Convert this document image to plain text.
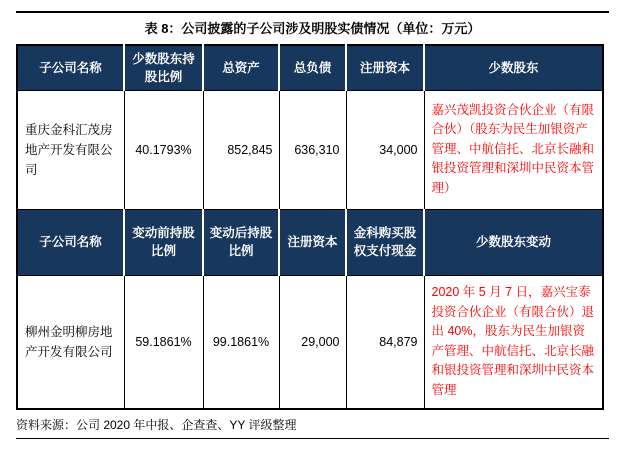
表 8：公司披露的子公司涉及明股实债情况（单位：万元）
子公司名称	少数股东持股比例	总资产	总负债	注册资本	少数股东
重庆金科汇茂房地产开发有限公司	40.1793%	852,845	636,310	34,000	嘉兴茂凯投资合伙企业（有限合伙）（股东为民生加银资产管理、中航信托、北京长融和银投资管理和深圳中民资本管理）
子公司名称	变动前持股比例	变动后持股比例	注册资本	金科购买股权支付现金	少数股东变动
柳州金明柳房地产开发有限公司	59.1861%	99.1861%	29,000	84,879	2020 年 5 月 7 日，嘉兴宝泰投资合伙企业（有限合伙）退出 40%，股东为民生加银资产管理、中航信托、北京长融和银投资管理和深圳中民资本管理
资料来源：公司 2020 年中报、企查查、YY 评级整理
